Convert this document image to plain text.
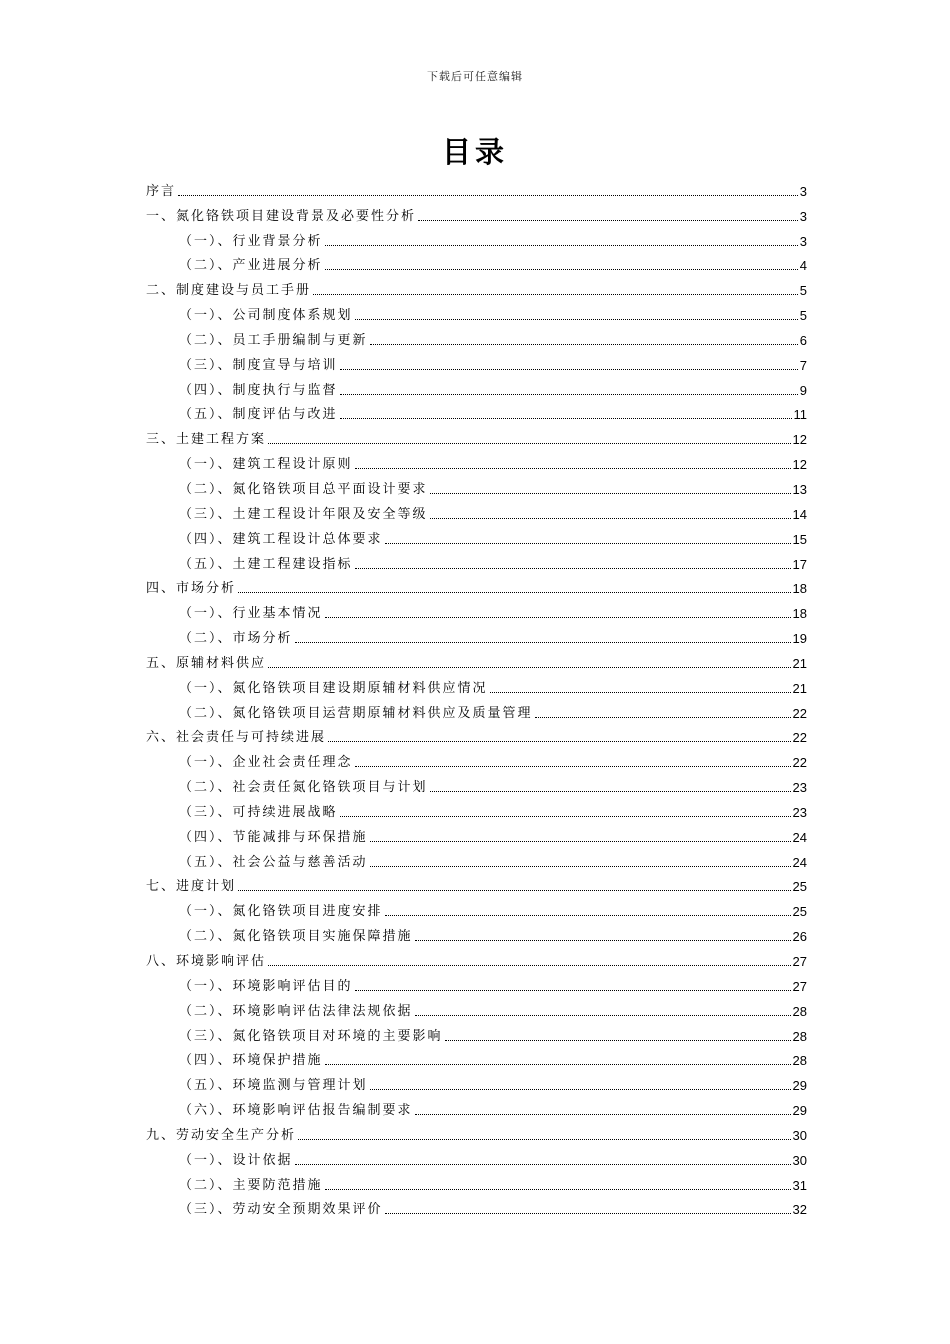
下载后可任意编辑
目录
序言	3
一、氮化铬铁项目建设背景及必要性分析	3
（一）、行业背景分析	3
（二）、产业进展分析	4
二、制度建设与员工手册	5
（一）、公司制度体系规划	5
（二）、员工手册编制与更新	6
（三）、制度宣导与培训	7
（四）、制度执行与监督	9
（五）、制度评估与改进	11
三、土建工程方案	12
（一）、建筑工程设计原则	12
（二）、氮化铬铁项目总平面设计要求	13
（三）、土建工程设计年限及安全等级	14
（四）、建筑工程设计总体要求	15
（五）、土建工程建设指标	17
四、市场分析	18
（一）、行业基本情况	18
（二）、市场分析	19
五、原辅材料供应	21
（一）、氮化铬铁项目建设期原辅材料供应情况	21
（二）、氮化铬铁项目运营期原辅材料供应及质量管理	22
六、社会责任与可持续进展	22
（一）、企业社会责任理念	22
（二）、社会责任氮化铬铁项目与计划	23
（三）、可持续进展战略	23
（四）、节能减排与环保措施	24
（五）、社会公益与慈善活动	24
七、进度计划	25
（一）、氮化铬铁项目进度安排	25
（二）、氮化铬铁项目实施保障措施	26
八、环境影响评估	27
（一）、环境影响评估目的	27
（二）、环境影响评估法律法规依据	28
（三）、氮化铬铁项目对环境的主要影响	28
（四）、环境保护措施	28
（五）、环境监测与管理计划	29
（六）、环境影响评估报告编制要求	29
九、劳动安全生产分析	30
（一）、设计依据	30
（二）、主要防范措施	31
（三）、劳动安全预期效果评价	32
